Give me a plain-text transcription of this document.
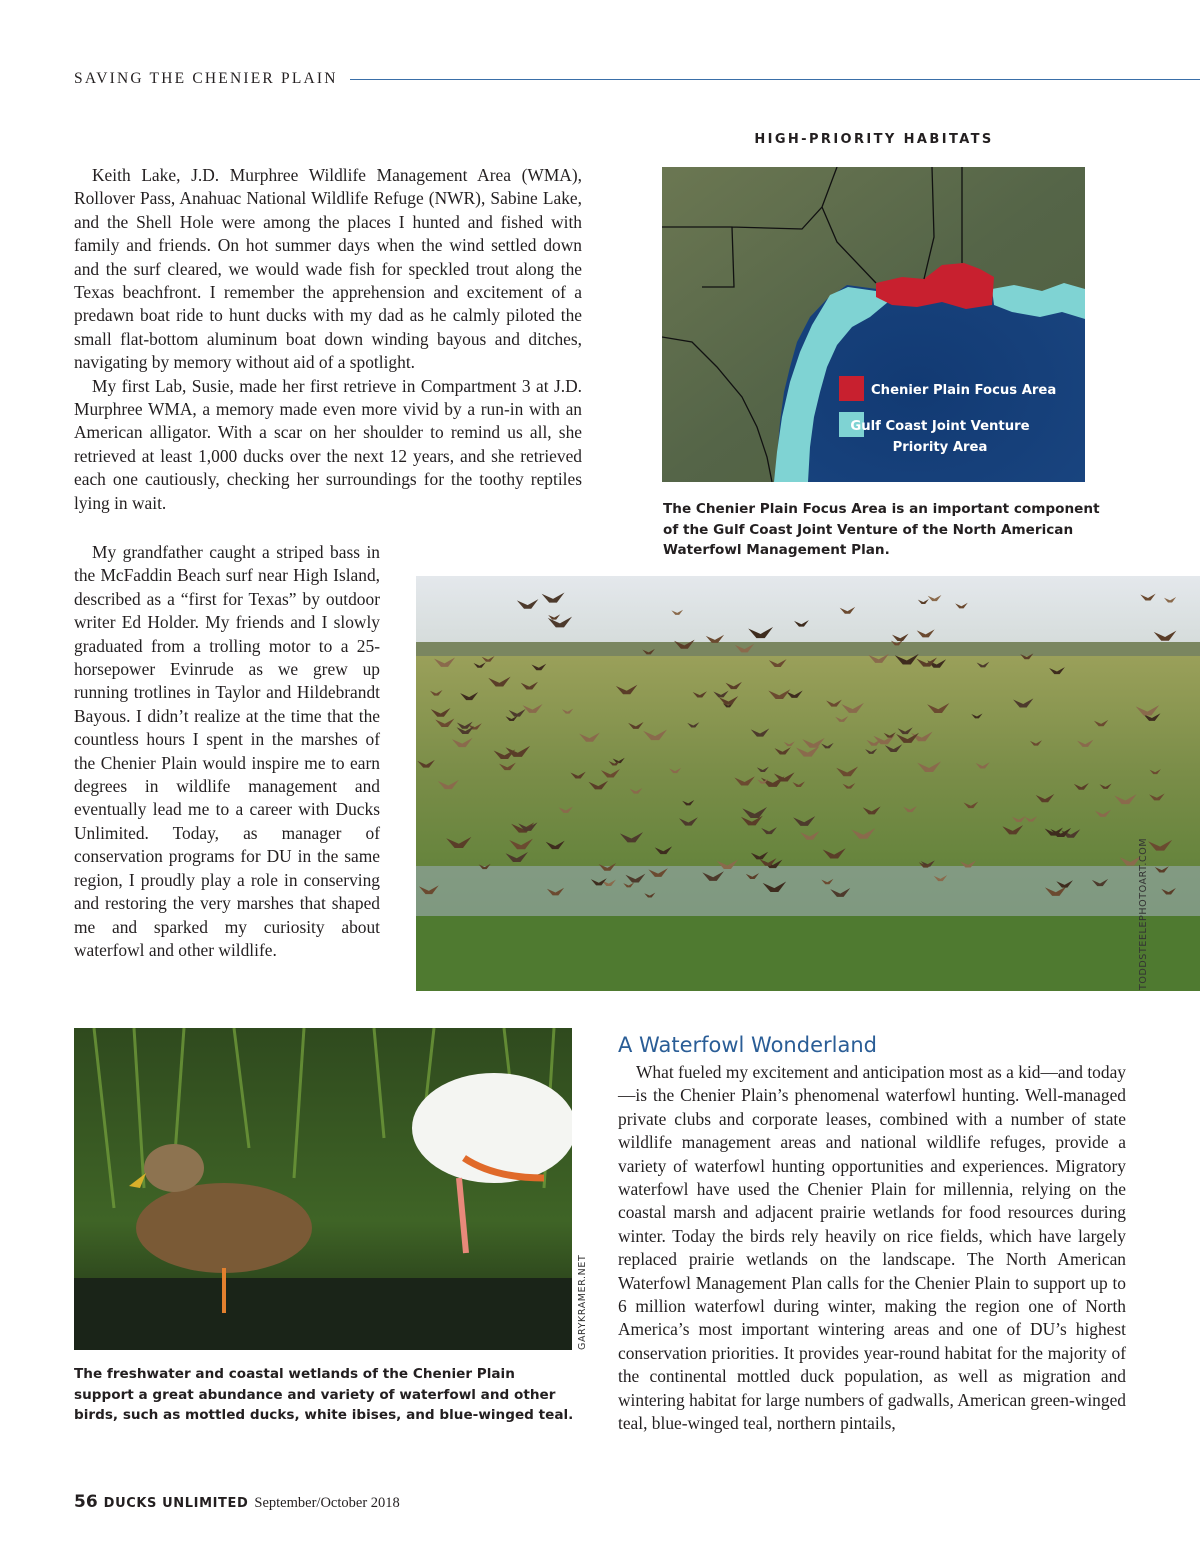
SAVING THE CHENIER PLAIN

Keith Lake, J.D. Murphree Wildlife Management Area (WMA), Rollover Pass, Anahuac National Wildlife Refuge (NWR), Sabine Lake, and the Shell Hole were among the places I hunted and fished with family and friends. On hot summer days when the wind settled down and the surf cleared, we would wade fish for speckled trout along the Texas beachfront. I remember the apprehension and excitement of a predawn boat ride to hunt ducks with my dad as he calmly piloted the small flat-bottom aluminum boat down winding bayous and ditches, navigating by memory without aid of a spotlight.

My first Lab, Susie, made her first retrieve in Compartment 3 at J.D. Murphree WMA, a memory made even more vivid by a run-in with an American alligator. With a scar on her shoulder to remind us all, she retrieved at least 1,000 ducks over the next 12 years, and she retrieved each one cautiously, checking her surroundings for the toothy reptiles lying in wait.

My grandfather caught a striped bass in the McFaddin Beach surf near High Island, described as a “first for Texas” by outdoor writer Ed Holder. My friends and I slowly graduated from a trolling motor to a 25-horsepower Evinrude as we grew up running trotlines in Taylor and Hildebrandt Bayous. I didn’t realize at the time that the countless hours I spent in the marshes of the Chenier Plain would inspire me to earn degrees in wildlife management and eventually lead me to a career with Ducks Unlimited. Today, as manager of conservation programs for DU in the same region, I proudly play a role in conserving and restoring the very marshes that shaped me and sparked my curiosity about waterfowl and other wildlife.

HIGH-PRIORITY HABITATS
Chenier Plain Focus Area
Gulf Coast Joint Venture
Priority Area
The Chenier Plain Focus Area is an important component of the Gulf Coast Joint Venture of the North American Waterfowl Management Plan.
TODDSTEELEPHOTOART.COM
GARYKRAMER.NET
The freshwater and coastal wetlands of the Chenier Plain support a great abundance and variety of waterfowl and other birds, such as mottled ducks, white ibises, and blue-winged teal.
A Waterfowl Wonderland

What fueled my excitement and anticipation most as a kid—and today—is the Chenier Plain’s phenomenal waterfowl hunting. Well-managed private clubs and corporate leases, combined with a number of state wildlife management areas and national wildlife refuges, provide a variety of waterfowl hunting opportunities and experiences. Migratory waterfowl have used the Chenier Plain for millennia, relying on the coastal marsh and adjacent prairie wetlands for food resources during winter. Today the birds rely heavily on rice fields, which have largely replaced prairie wetlands on the landscape. The North American Waterfowl Management Plan calls for the Chenier Plain to support up to 6 million waterfowl during winter, making the region one of North America’s most important wintering areas and one of DU’s highest conservation priorities. It provides year-round habitat for the majority of the continental mottled duck population, as well as migration and wintering habitat for large numbers of gadwalls, American green-winged teal, blue-winged teal, northern pintails,

56 DUCKS UNLIMITED September/October 2018
